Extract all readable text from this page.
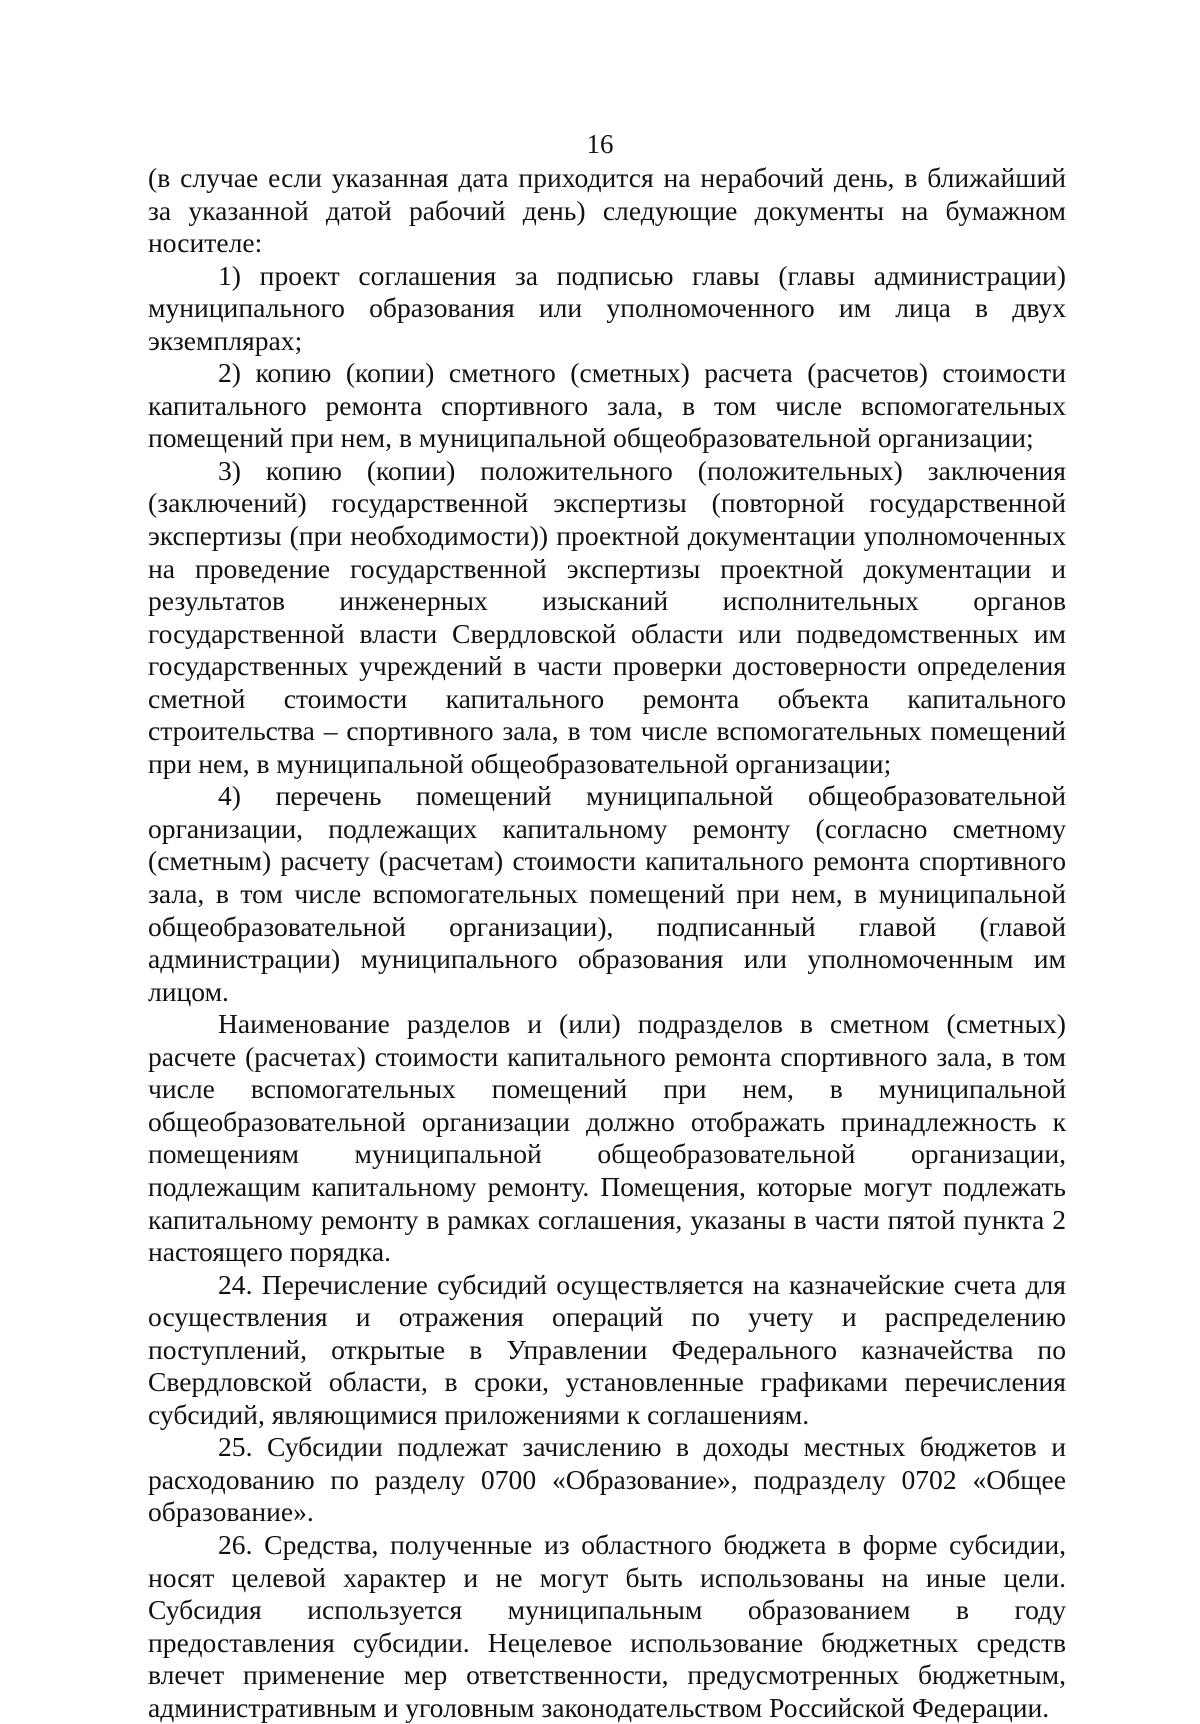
16

(в случае если указанная дата приходится на нерабочий день, в ближайший за указанной датой рабочий день) следующие документы на бумажном носителе:

1) проект соглашения за подписью главы (главы администрации) муниципального образования или уполномоченного им лица в двух экземплярах;

2) копию (копии) сметного (сметных) расчета (расчетов) стоимости капитального ремонта спортивного зала, в том числе вспомогательных помещений при нем, в муниципальной общеобразовательной организации;

3) копию (копии) положительного (положительных) заключения (заключений) государственной экспертизы (повторной государственной экспертизы (при необходимости)) проектной документации уполномоченных на проведение государственной экспертизы проектной документации и результатов инженерных изысканий исполнительных органов государственной власти Свердловской области или подведомственных им государственных учреждений в части проверки достоверности определения сметной стоимости капитального ремонта объекта капитального строительства – спортивного зала, в том числе вспомогательных помещений при нем, в муниципальной общеобразовательной организации;

4) перечень помещений муниципальной общеобразовательной организации, подлежащих капитальному ремонту (согласно сметному (сметным) расчету (расчетам) стоимости капитального ремонта спортивного зала, в том числе вспомогательных помещений при нем, в муниципальной общеобразовательной организации), подписанный главой (главой администрации) муниципального образования или уполномоченным им лицом.

Наименование разделов и (или) подразделов в сметном (сметных) расчете (расчетах) стоимости капитального ремонта спортивного зала, в том числе вспомогательных помещений при нем, в муниципальной общеобразовательной организации должно отображать принадлежность к помещениям муниципальной общеобразовательной организации, подлежащим капитальному ремонту. Помещения, которые могут подлежать капитальному ремонту в рамках соглашения, указаны в части пятой пункта 2 настоящего порядка.

24. Перечисление субсидий осуществляется на казначейские счета для осуществления и отражения операций по учету и распределению поступлений, открытые в Управлении Федерального казначейства по Свердловской области, в сроки, установленные графиками перечисления субсидий, являющимися приложениями к соглашениям.

25. Субсидии подлежат зачислению в доходы местных бюджетов и расходованию по разделу 0700 «Образование», подразделу 0702 «Общее образование».

26. Средства, полученные из областного бюджета в форме субсидии, носят целевой характер и не могут быть использованы на иные цели. Субсидия используется муниципальным образованием в году предоставления субсидии. Нецелевое использование бюджетных средств влечет применение мер ответственности, предусмотренных бюджетным, административным и уголовным законодательством Российской Федерации.
